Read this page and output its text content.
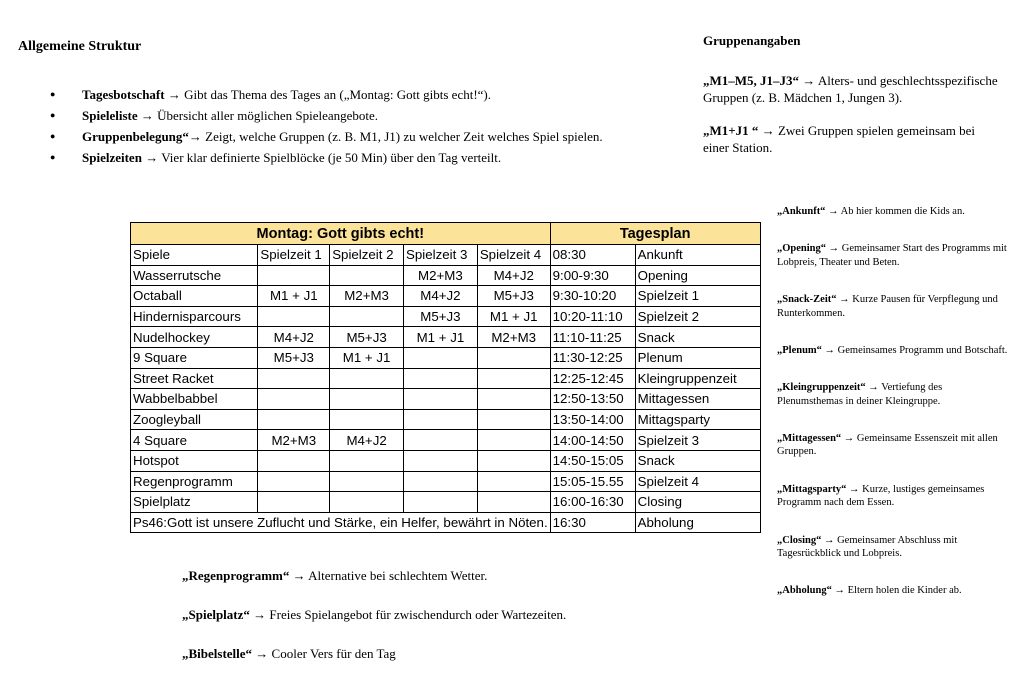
Allgemeine Struktur
● Tagesbotschaft → Gibt das Thema des Tages an („Montag: Gott gibts echt!“).
● Spieleliste → Übersicht aller möglichen Spieleangebote.
● Gruppenbelegung“→ Zeigt, welche Gruppen (z. B. M1, J1) zu welcher Zeit welches Spiel spielen.
● Spielzeiten → Vier klar definierte Spielblöcke (je 50 Min) über den Tag verteilt.
Gruppenangaben

„M1–M5, J1–J3“ → Alters- und geschlechtsspezifische Gruppen (z. B. Mädchen 1, Jungen 3).

„M1+J1 “ → Zwei Gruppen spielen gemeinsam bei einer Station.

Montag: Gott gibts echt!					Tagesplan	
Spiele	Spielzeit 1	Spielzeit 2	Spielzeit 3	Spielzeit 4	08:30	Ankunft
Wasserrutsche			M2+M3	M4+J2	9:00-9:30	Opening
Octaball	M1 + J1	M2+M3	M4+J2	M5+J3	9:30-10:20	Spielzeit 1
Hindernisparcours			M5+J3	M1 + J1	10:20-11:10	Spielzeit 2
Nudelhockey	M4+J2	M5+J3	M1 + J1	M2+M3	11:10-11:25	Snack
9 Square	M5+J3	M1 + J1			11:30-12:25	Plenum
Street Racket					12:25-12:45	Kleingruppenzeit
Wabbelbabbel					12:50-13:50	Mittagessen
Zoogleyball					13:50-14:00	Mittagsparty
4 Square	M2+M3	M4+J2			14:00-14:50	Spielzeit 3
Hotspot					14:50-15:05	Snack
Regenprogramm					15:05-15.55	Spielzeit 4
Spielplatz					16:00-16:30	Closing
Ps46:Gott ist unsere Zuflucht und Stärke, ein Helfer, bewährt in Nöten.					16:30	Abholung

„Ankunft“ → Ab hier kommen die Kids an.

„Opening“ → Gemeinsamer Start des Programms mit Lobpreis, Theater und Beten.

„Snack-Zeit“ → Kurze Pausen für Verpflegung und Runterkommen.

„Plenum“ → Gemeinsames Programm und Botschaft.

„Kleingruppenzeit“ → Vertiefung des Plenumsthemas in deiner Kleingruppe.

„Mittagessen“ → Gemeinsame Essenszeit mit allen Gruppen.

„Mittagsparty“ → Kurze, lustiges gemeinsames Programm nach dem Essen.

„Closing“ → Gemeinsamer Abschluss mit Tagesrückblick und Lobpreis.

„Abholung“ → Eltern holen die Kinder ab.

„Regenprogramm“ → Alternative bei schlechtem Wetter.

„Spielplatz“ → Freies Spielangebot für zwischendurch oder Wartezeiten.

„Bibelstelle“ → Cooler Vers für den Tag
